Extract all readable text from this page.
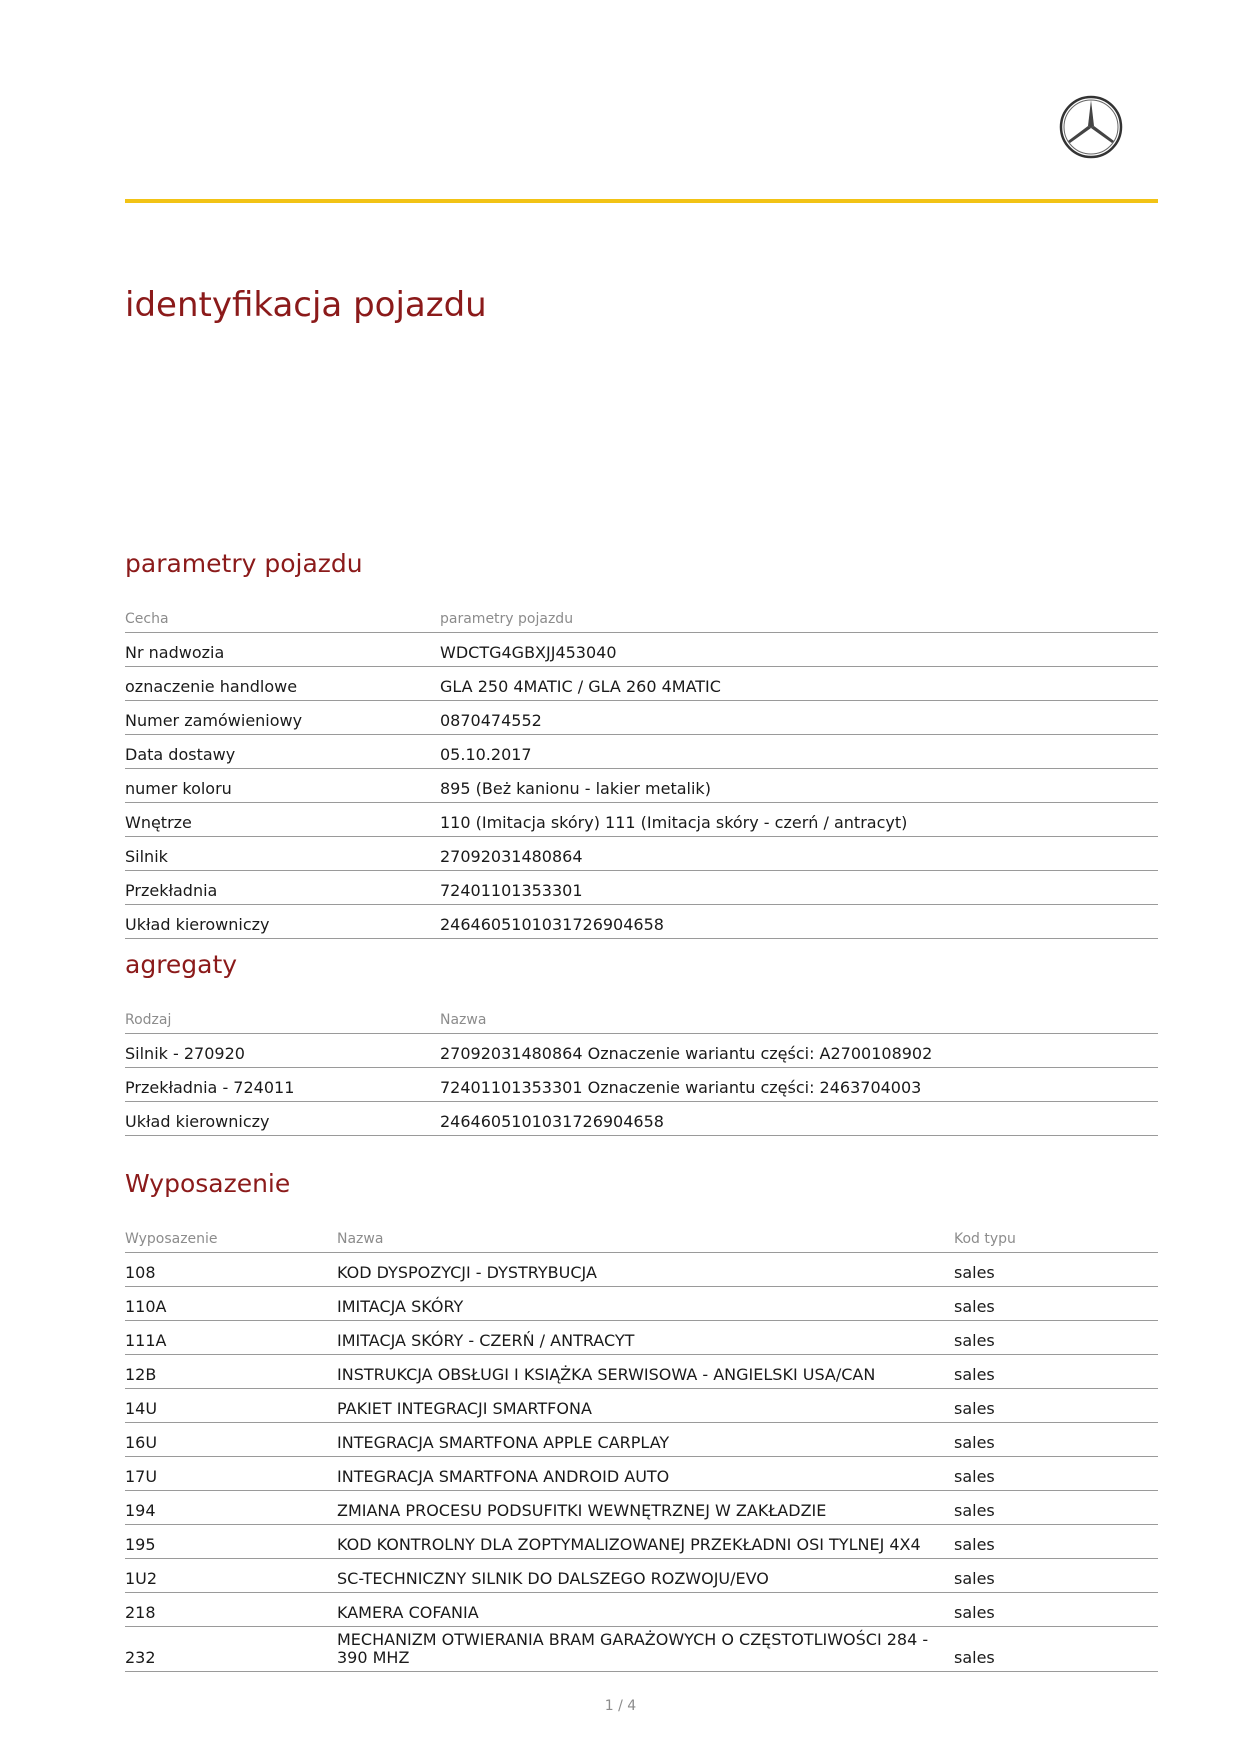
identyfikacja pojazdu
parametry pojazdu
Cecha	parametry pojazdu
Nr nadwozia	WDCTG4GBXJJ453040
oznaczenie handlowe	GLA 250 4MATIC / GLA 260 4MATIC
Numer zamówieniowy	0870474552
Data dostawy	05.10.2017
numer koloru	895 (Beż kanionu - lakier metalik)
Wnętrze	110 (Imitacja skóry) 111 (Imitacja skóry - czerń / antracyt)
Silnik	27092031480864
Przekładnia	72401101353301
Układ kierowniczy	2464605101031726904658
agregaty
Rodzaj	Nazwa
Silnik - 270920	27092031480864 Oznaczenie wariantu części: A2700108902
Przekładnia - 724011	72401101353301 Oznaczenie wariantu części: 2463704003
Układ kierowniczy	2464605101031726904658
Wyposazenie
Wyposazenie	Nazwa	Kod typu
108	KOD DYSPOZYCJI - DYSTRYBUCJA	sales
110A	IMITACJA SKÓRY	sales
111A	IMITACJA SKÓRY - CZERŃ / ANTRACYT	sales
12B	INSTRUKCJA OBSŁUGI I KSIĄŻKA SERWISOWA - ANGIELSKI USA/CAN	sales
14U	PAKIET INTEGRACJI SMARTFONA	sales
16U	INTEGRACJA SMARTFONA APPLE CARPLAY	sales
17U	INTEGRACJA SMARTFONA ANDROID AUTO	sales
194	ZMIANA PROCESU PODSUFITKI WEWNĘTRZNEJ W ZAKŁADZIE	sales
195	KOD KONTROLNY DLA ZOPTYMALIZOWANEJ PRZEKŁADNI OSI TYLNEJ 4X4	sales
1U2	SC-TECHNICZNY SILNIK DO DALSZEGO ROZWOJU/EVO	sales
218	KAMERA COFANIA	sales
232	MECHANIZM OTWIERANIA BRAM GARAŻOWYCH O CZĘSTOTLIWOŚCI 284 - 390 MHZ	sales
1 / 4
